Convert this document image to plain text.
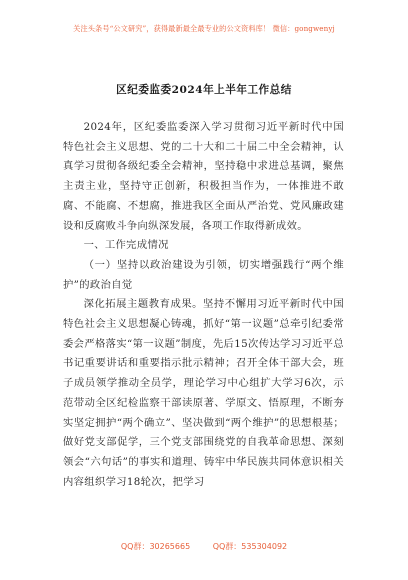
关注头条号“公文研究”，获得最新最全最专业的公文资料库！ 微信：gongwenyj
区纪委监委2024年上半年工作总结

2024年，区纪委监委深入学习贯彻习近平新时代中国特色社会主义思想、党的二十大和二十届二中全会精神，认真学习贯彻各级纪委全会精神，坚持稳中求进总基调，聚焦主责主业，坚持守正创新，积极担当作为，一体推进不敢腐、不能腐、不想腐，推进我区全面从严治党、党风廉政建设和反腐败斗争向纵深发展，各项工作取得新成效。

一、工作完成情况

（一）坚持以政治建设为引领，切实增强践行“两个维护”的政治自觉

深化拓展主题教育成果。坚持不懈用习近平新时代中国特色社会主义思想凝心铸魂，抓好“第一议题”总牵引纪委常委会严格落实“第一议题”制度，先后15次传达学习习近平总书记重要讲话和重要指示批示精神；召开全体干部大会，班子成员领学推动全员学，理论学习中心组扩大学习6次，示范带动全区纪检监察干部读原著、学原文、悟原理，不断夯实坚定拥护“两个确立”、坚决做到“两个维护”的思想根基；做好党支部促学，三个党支部围绕党的自我革命思想、深刻领会“六句话”的事实和道理、铸牢中华民族共同体意识相关内容组织学习18轮次，把学习

QQ群：30265665	QQ群：535304092
